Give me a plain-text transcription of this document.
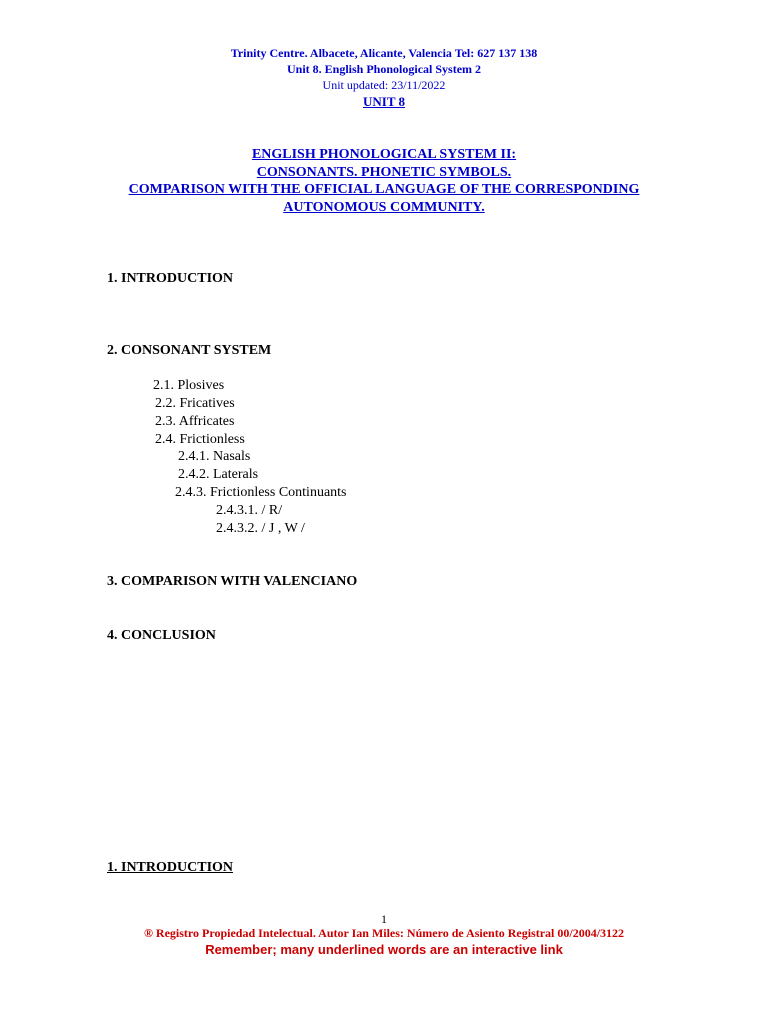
Trinity Centre. Albacete, Alicante, Valencia Tel: 627 137 138
Unit 8. English Phonological System 2
Unit updated: 23/11/2022
UNIT 8
ENGLISH PHONOLOGICAL SYSTEM II:
CONSONANTS. PHONETIC SYMBOLS.
COMPARISON WITH THE OFFICIAL LANGUAGE OF THE CORRESPONDING
AUTONOMOUS COMMUNITY.
1. INTRODUCTION
2. CONSONANT SYSTEM
2.1. Plosives
2.2. Fricatives
2.3. Affricates
2.4. Frictionless
2.4.1. Nasals
2.4.2. Laterals
2.4.3. Frictionless Continuants
2.4.3.1. / R/
2.4.3.2. / J , W /
3. COMPARISON WITH VALENCIANO
4. CONCLUSION
1. INTRODUCTION
1
® Registro Propiedad Intelectual. Autor Ian Miles: Número de Asiento Registral 00/2004/3122
Remember; many underlined words are an interactive link
